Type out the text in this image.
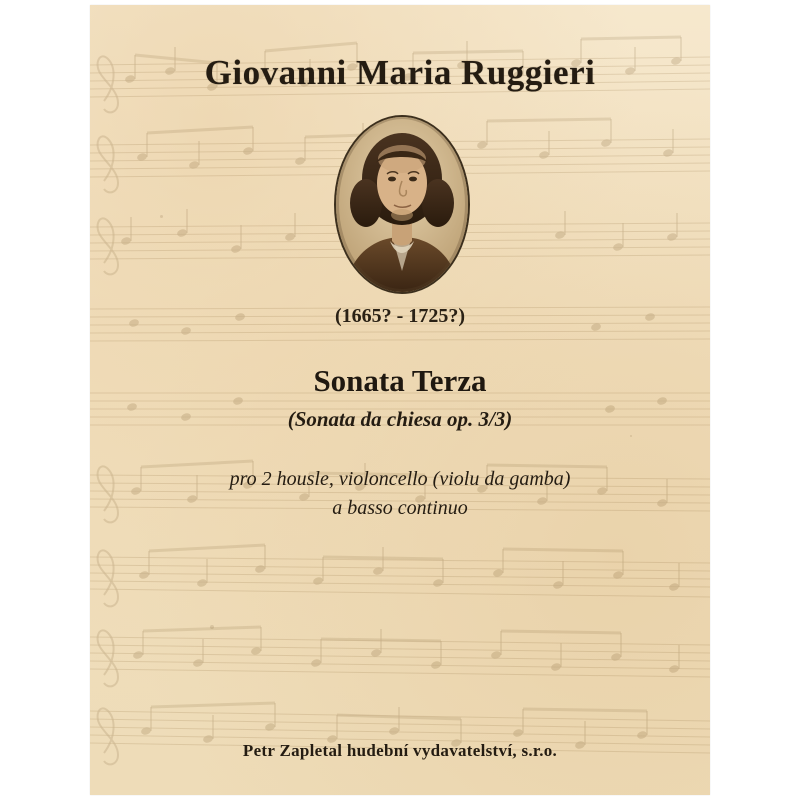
Giovanni Maria Ruggieri
(1665? - 1725?)
Sonata Terza
(Sonata da chiesa op. 3/3)
pro 2 housle, violoncello (violu da gamba)
a basso continuo
Petr Zapletal hudební vydavatelství, s.r.o.
